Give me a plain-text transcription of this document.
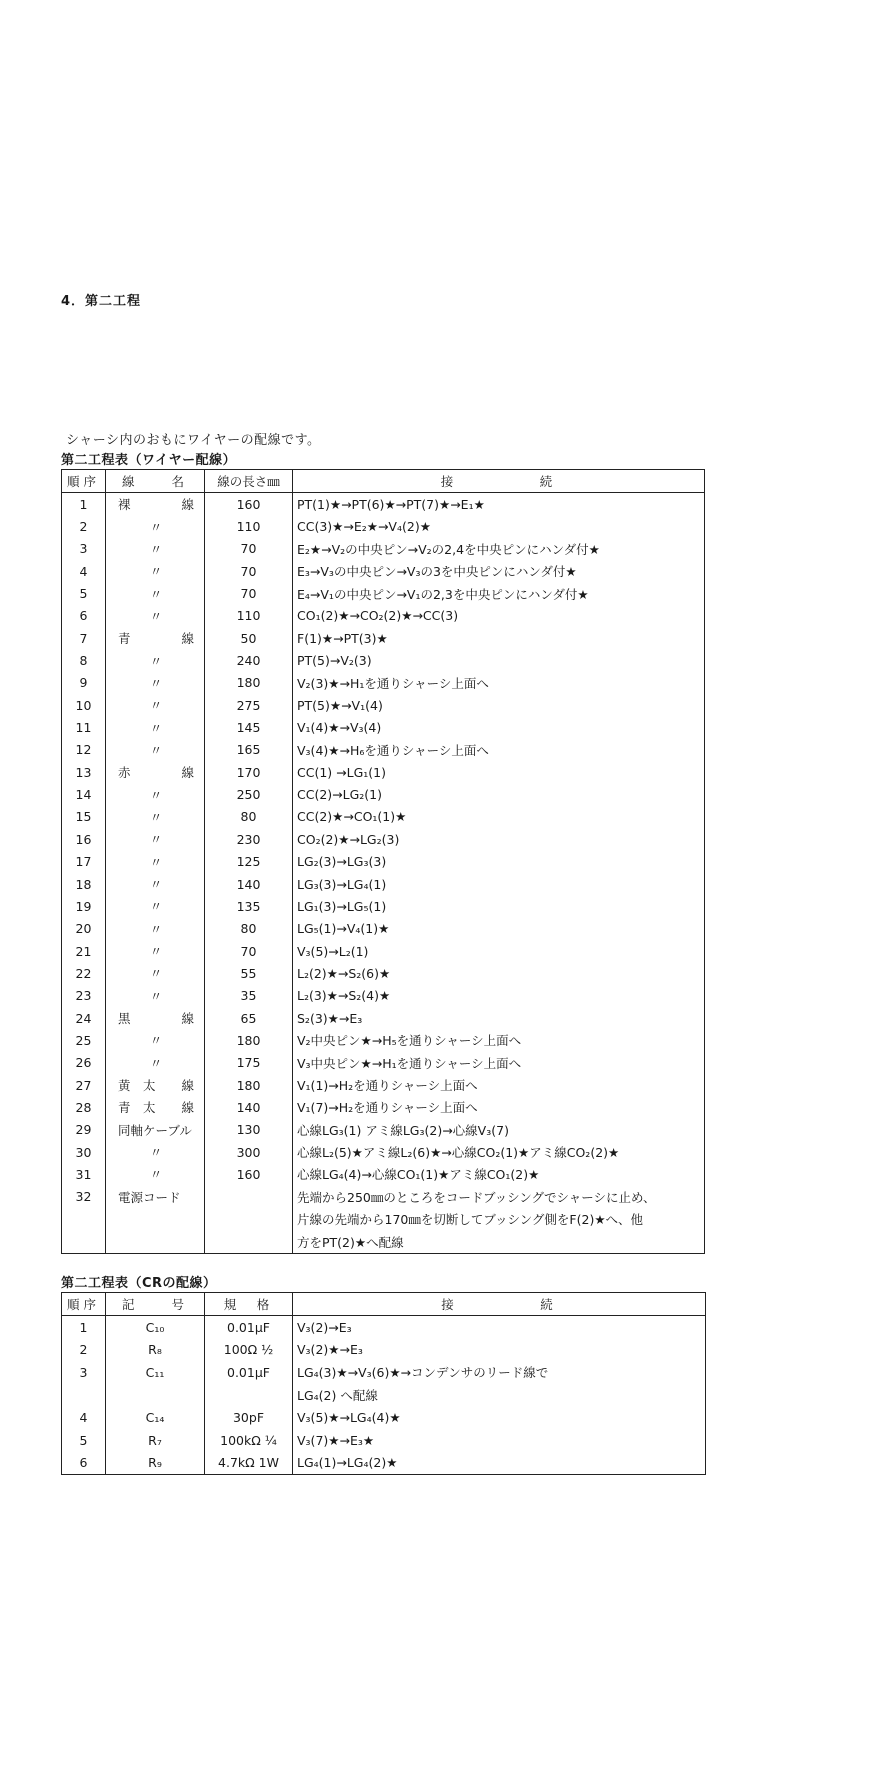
4．第二工程
シャーシ内のおもにワイヤーの配線です。
第二工程表（ワイヤー配線）
順序	線　　名	線の長さ㎜	接　　　　　続
1	裸 線	160	PT(1)★→PT(6)★→PT(7)★→E₁★
2	〃	110	CC(3)★→E₂★→V₄(2)★
3	〃	70	E₂★→V₂の中央ピン→V₂の2,4を中央ピンにハンダ付★
4	〃	70	E₃→V₃の中央ピン→V₃の3を中央ピンにハンダ付★
5	〃	70	E₄→V₁の中央ピン→V₁の2,3を中央ピンにハンダ付★
6	〃	110	CO₁(2)★→CO₂(2)★→CC(3)
7	青 線	50	F(1)★→PT(3)★
8	〃	240	PT(5)→V₂(3)
9	〃	180	V₂(3)★→H₁を通りシャーシ上面へ
10	〃	275	PT(5)★→V₁(4)
11	〃	145	V₁(4)★→V₃(4)
12	〃	165	V₃(4)★→H₆を通りシャーシ上面へ
13	赤 線	170	CC(1) →LG₁(1)
14	〃	250	CC(2)→LG₂(1)
15	〃	80	CC(2)★→CO₁(1)★
16	〃	230	CO₂(2)★→LG₂(3)
17	〃	125	LG₂(3)→LG₃(3)
18	〃	140	LG₃(3)→LG₄(1)
19	〃	135	LG₁(3)→LG₅(1)
20	〃	80	LG₅(1)→V₄(1)★
21	〃	70	V₃(5)→L₂(1)
22	〃	55	L₂(2)★→S₂(6)★
23	〃	35	L₂(3)★→S₂(4)★
24	黒 線	65	S₂(3)★→E₃
25	〃	180	V₂中央ピン★→H₅を通りシャーシ上面へ
26	〃	175	V₃中央ピン★→H₁を通りシャーシ上面へ
27	黄　太 線	180	V₁(1)→H₂を通りシャーシ上面へ
28	青　太 線	140	V₁(7)→H₂を通りシャーシ上面へ
29	同軸ケーブル	130	心線LG₃(1) アミ線LG₃(2)→心線V₃(7)
30	〃	300	心線L₂(5)★アミ線L₂(6)★→心線CO₂(1)★アミ線CO₂(2)★
31	〃	160	心線LG₄(4)→心線CO₁(1)★アミ線CO₁(2)★
32	電源コード		先端から250㎜のところをコードブッシングでシャーシに止め、

		片線の先端から170㎜を切断してブッシング側をF(2)★へ、他

		方をPT(2)★へ配線
第二工程表（CRの配線）
順序	記　　号	規　格	接　　　　　続
1	C₁₀	0.01μF	V₃(2)→E₃
2	R₈	100Ω ½	V₃(2)★→E₃
3	C₁₁	0.01μF	LG₄(3)★→V₃(6)★→コンデンサのリード線で
			LG₄(2) へ配線
4	C₁₄	30pF	V₃(5)★→LG₄(4)★
5	R₇	100kΩ ¼	V₃(7)★→E₃★
6	R₉	4.7kΩ 1W	LG₄(1)→LG₄(2)★
